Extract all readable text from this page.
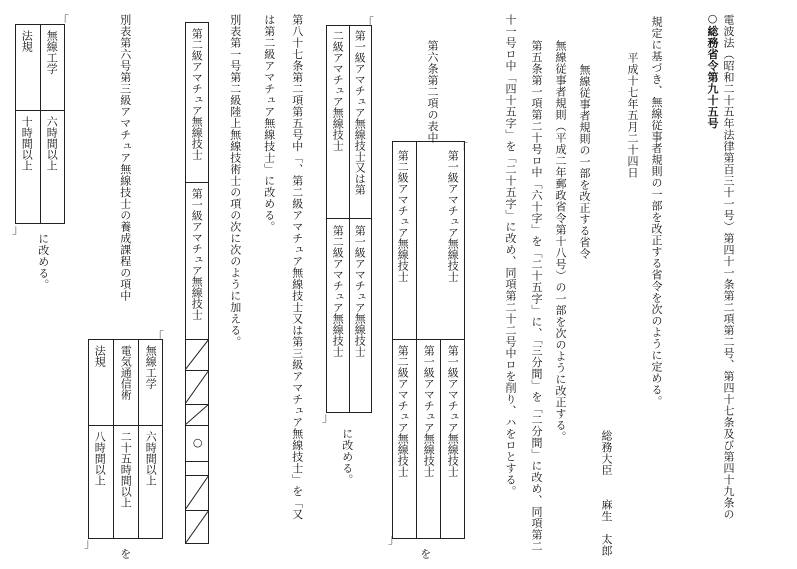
○総務省令第九十五号 電波法（昭和二十五年法律第百三十一号）第四十一条第二項第二号、第四十七条及び第四十九条の
規定に基づき、無線従事者規則の一部を改正する省令を次のように定める。
平成十七年五月二十四日
総務大臣　　麻生　太郎
無線従事者規則の一部を改正する省令
無線従事者規則（平成二年郵政省令第十八号）の一部を次のように改正する。
第五条第一項第二十号ロ中「六十字」を「二十五字」に、「三分間」を「二分間」に改め、同項第二
十一号ロ中「四十五字」を「二十五字」に改め、同項第二十二号中ロを削り、ハをロとする。
第六条第二項の表中
第一級アマチュア無線技士
第二級アマチュア無線技士
第一級アマチュア無線技士
第一級アマチュア無線技士
第二級アマチュア無線技士
「
」
を
第一級アマチュア無線技士又は第
二級アマチュア無線技士
第一級アマチュア無線技士
第二級アマチュア無線技士
「
」
に改める。
第八十七条第二項第五号中「、第二級アマチュア無線技士又は第三級アマチュア無線技士」を「又
は第二級アマチュア無線技士」に改める。
別表第一号第二級陸上無線技術士の項の次に次のように加える。
第二級アマチュア無線技士
第一級アマチュア無線技士
○
別表第六号第三級アマチュア無線技士の養成課程の項中
無線工学
六時間以上
電気通信術
二十五時間以上
法規
八時間以上
「
」
を
無線工学
六時間以上
法規
十時間以上
「
」
に改める。
